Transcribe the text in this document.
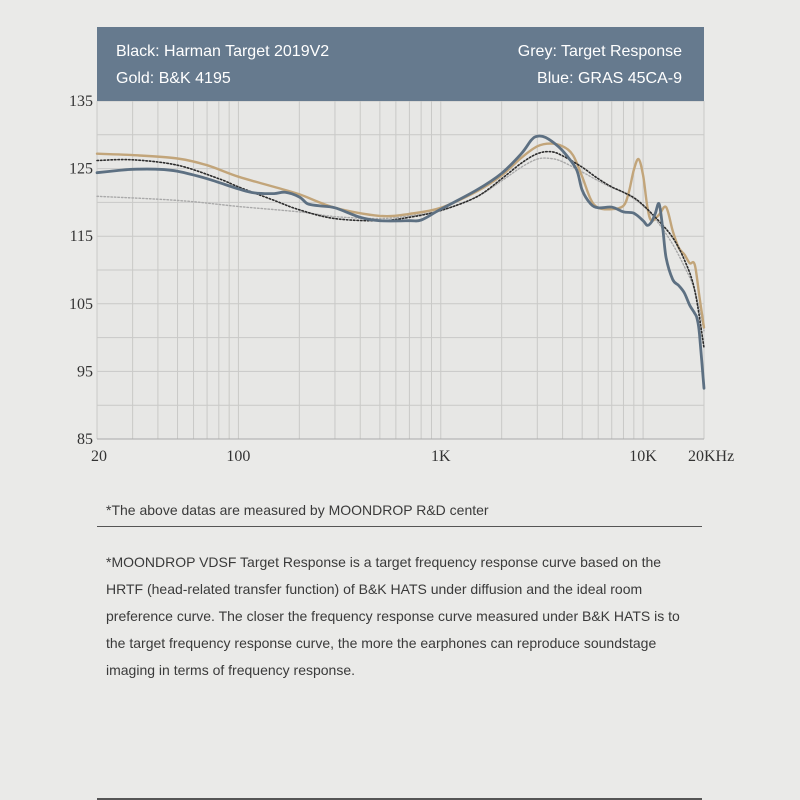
85
95
105
115
125
135
20	100	1K	10K 20KHz
Black: Harman Target 2019V2
Gold: B&K 4195
Grey: Target Response
Blue: GRAS 45CA-9
*The above datas are measured by MOONDROP R&D center
*MOONDROP VDSF Target Response is a target frequency response curve based on the
HRTF (head-related transfer function) of B&K HATS under diffusion and the ideal room
preference curve. The closer the frequency response curve measured under B&K HATS is to
the target frequency response curve, the more the earphones can reproduce soundstage
imaging in terms of frequency response.
